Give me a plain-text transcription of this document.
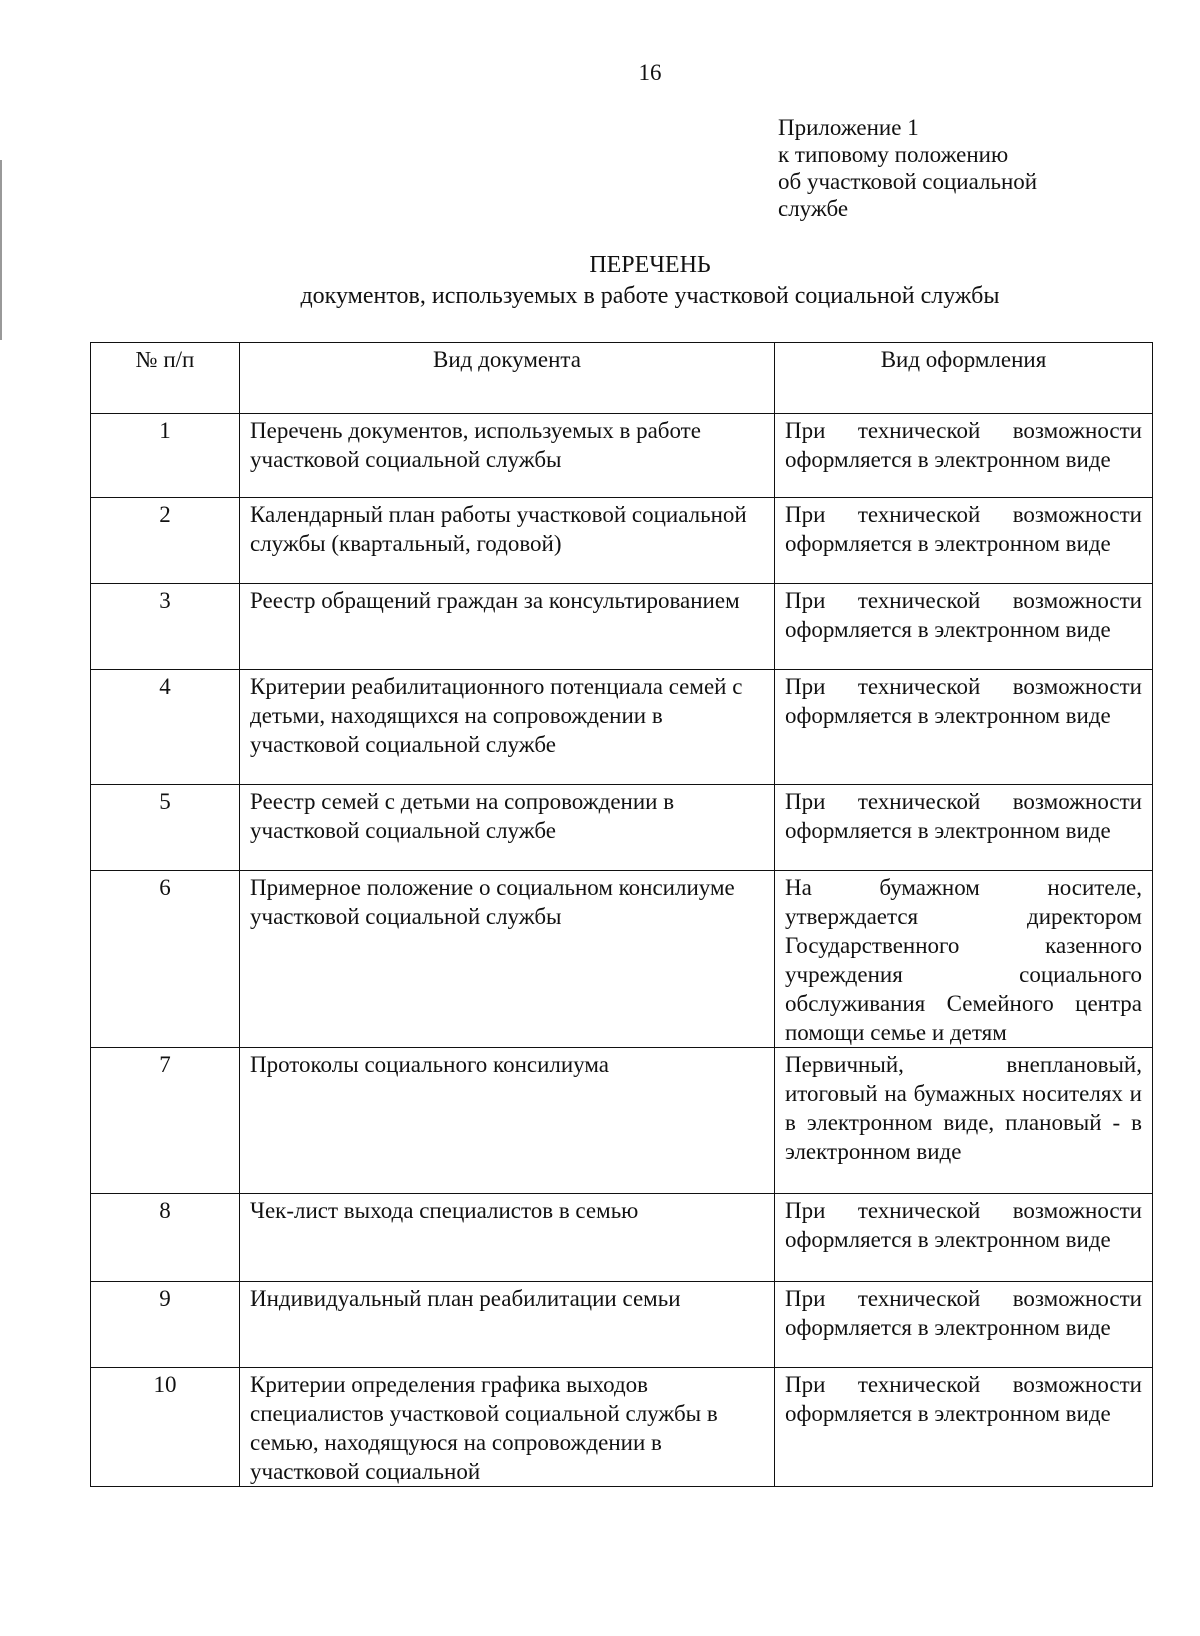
16
Приложение 1
к типовому положению
об участковой социальной
службе
ПЕРЕЧЕНЬ
документов, используемых в работе участковой социальной службы
№ п/п	Вид документа	Вид оформления
1	Перечень документов, используемых в работе участковой социальной службы	При технической возможности оформляется в электронном виде
2	Календарный план работы участковой социальной службы (квартальный, годовой)	При технической возможности оформляется в электронном виде
3	Реестр обращений граждан за консультированием	При технической возможности оформляется в электронном виде
4	Критерии реабилитационного потенциала семей с детьми, находящихся на сопровождении в участковой социальной службе	При технической возможности оформляется в электронном виде
5	Реестр семей с детьми на сопровождении в участковой социальной службе	При технической возможности оформляется в электронном виде
6	Примерное положение о социальном консилиуме участковой социальной службы	На бумажном носителе, утверждается директором Государственного казенного учреждения социального обслуживания Семейного центра помощи семье и детям
7	Протоколы социального консилиума	Первичный, внеплановый, итоговый на бумажных носителях и в электронном виде, плановый - в электронном виде
8	Чек-лист выхода специалистов в семью	При технической возможности оформляется в электронном виде
9	Индивидуальный план реабилитации семьи	При технической возможности оформляется в электронном виде
10	Критерии определения графика выходов специалистов участковой социальной службы в семью, находящуюся на сопровождении в участковой социальной	При технической возможности оформляется в электронном виде
